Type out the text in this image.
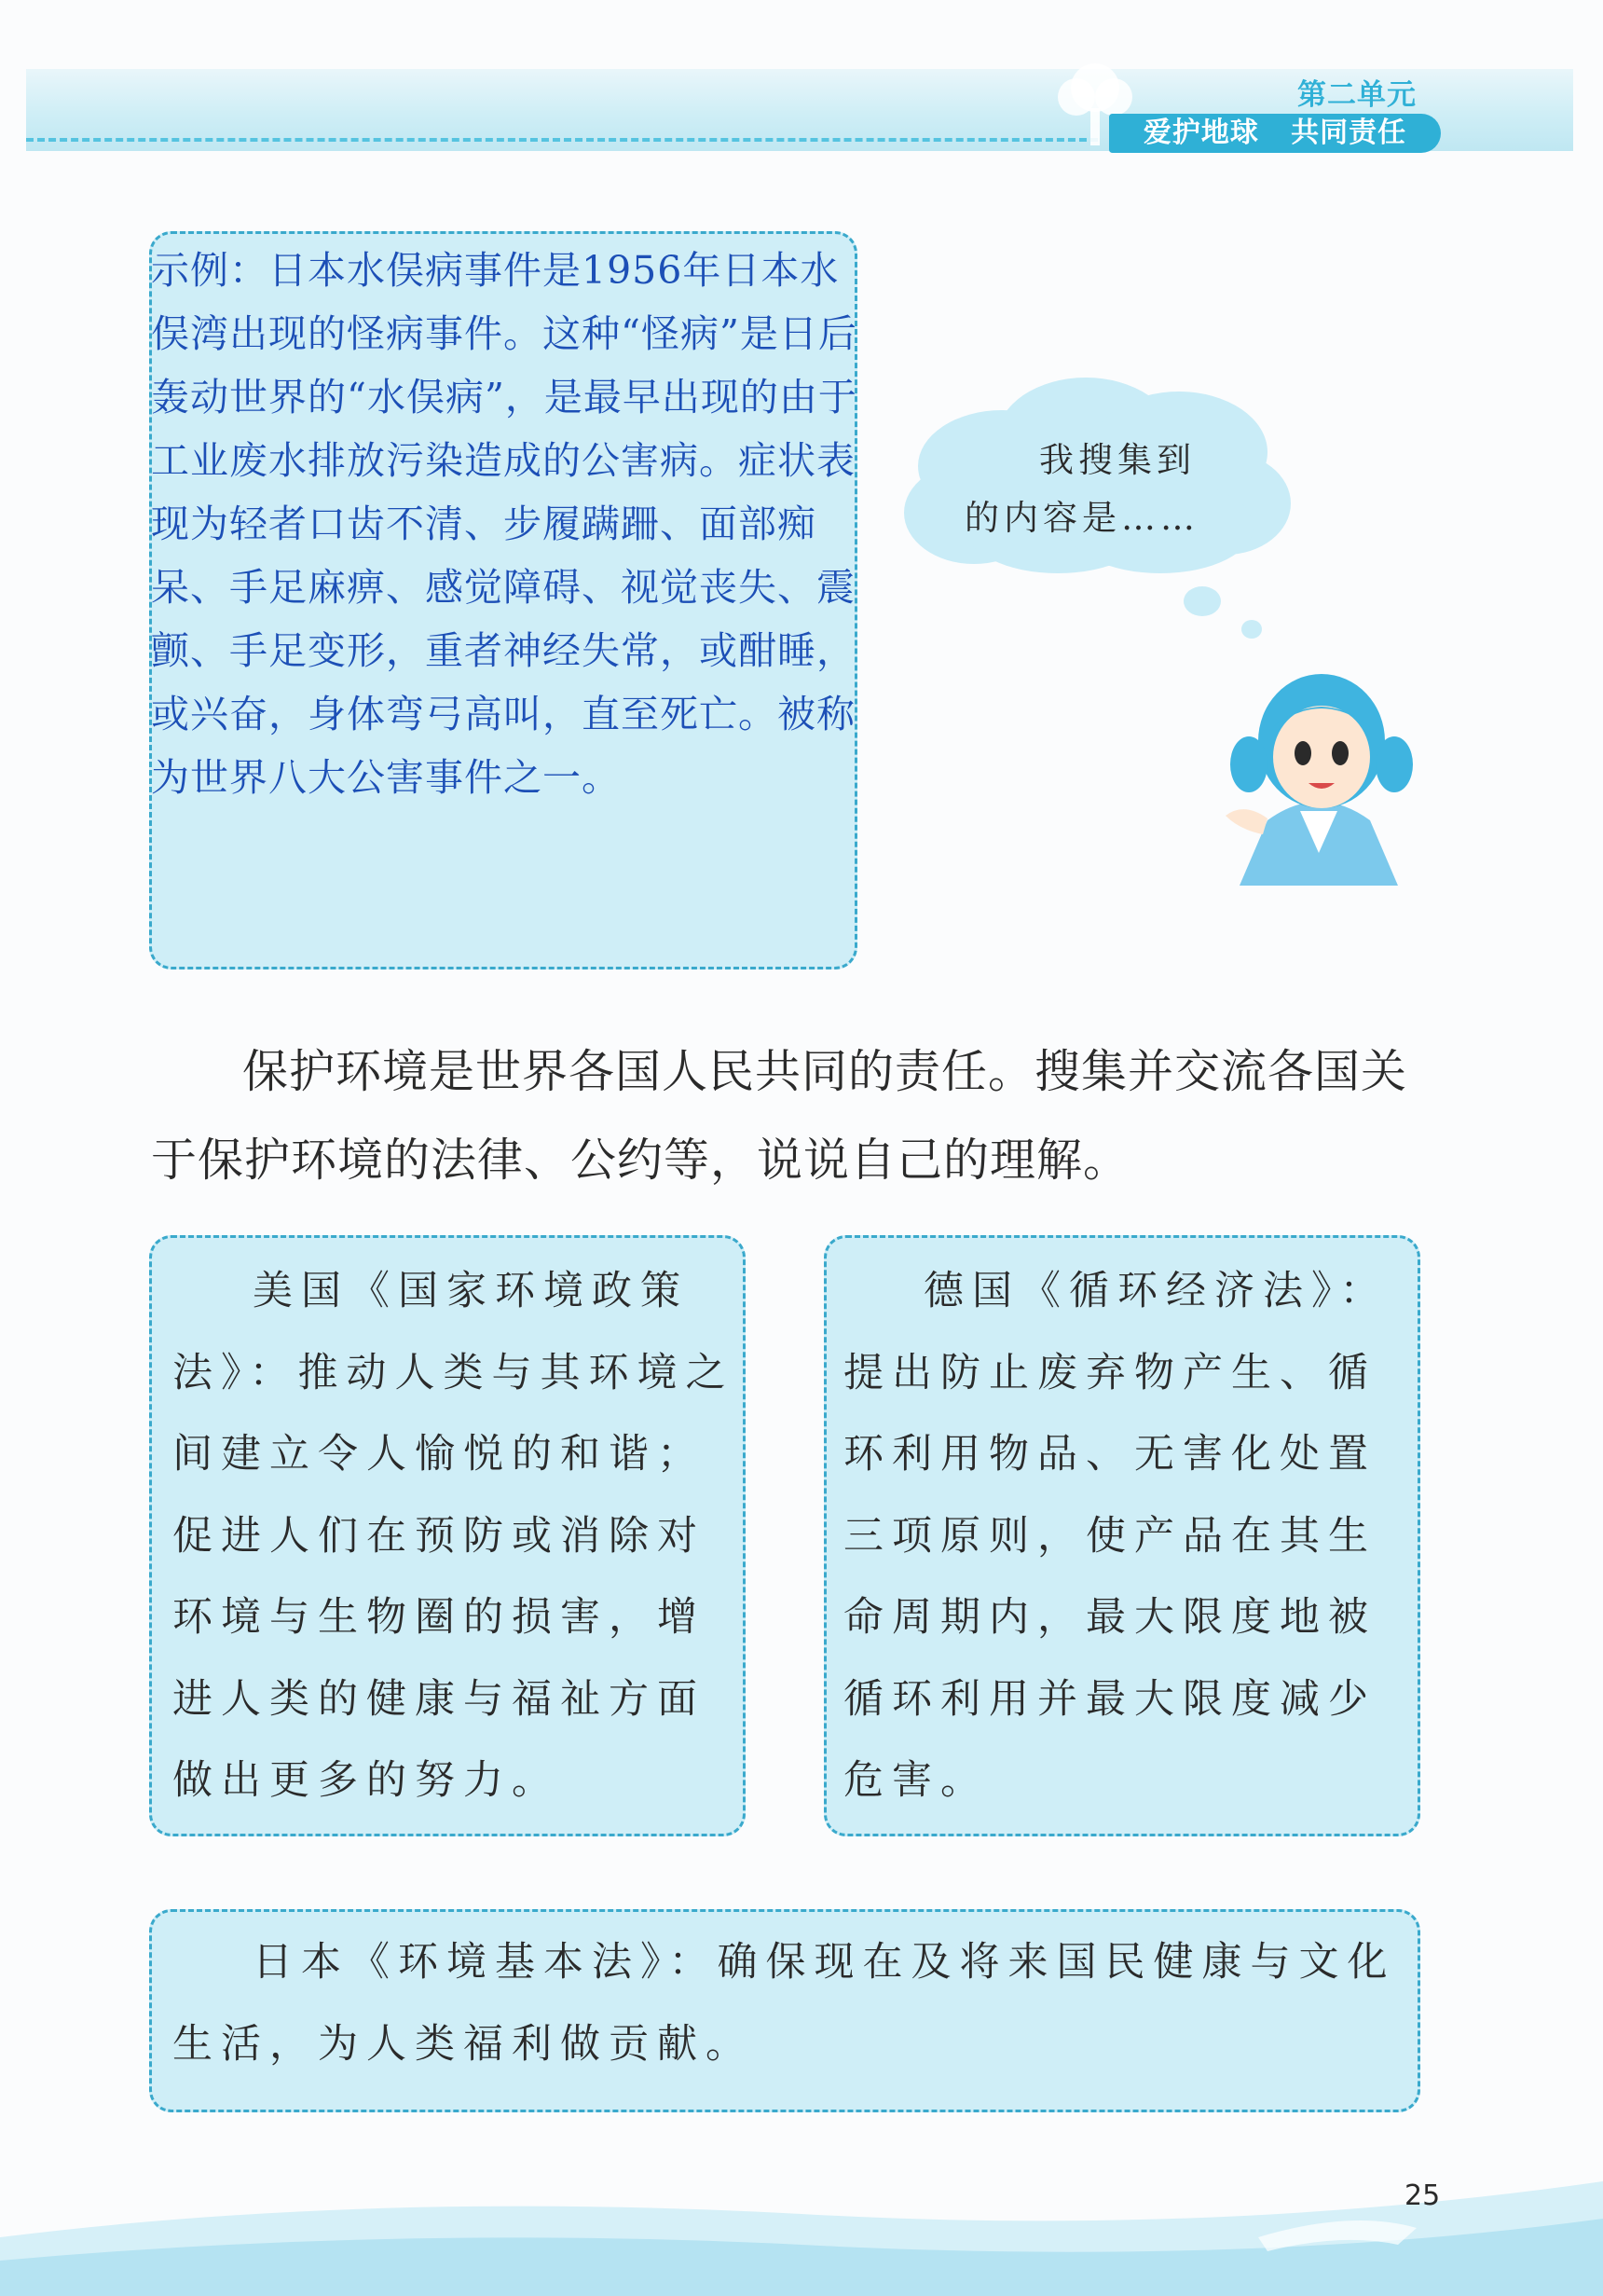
第二单元
爱护地球   共同责任
示例：日本水俣病事件是1956年日本水俣湾出现的怪病事件。这种“怪病”是日后轰动世界的“水俣病”，是最早出现的由于工业废水排放污染造成的公害病。症状表现为轻者口齿不清、步履蹒跚、面部痴呆、手足麻痹、感觉障碍、视觉丧失、震颤、手足变形，重者神经失常，或酣睡，或兴奋，身体弯弓高叫，直至死亡。被称为世界八大公害事件之一。
我搜集到
的内容是……
保护环境是世界各国人民共同的责任。搜集并交流各国关于保护环境的法律、公约等，说说自己的理解。
美国《国家环境政策法》：推动人类与其环境之间建立令人愉悦的和谐；促进人们在预防或消除对环境与生物圈的损害，增进人类的健康与福祉方面做出更多的努力。
德国《循环经济法》：提出防止废弃物产生、循环利用物品、无害化处置三项原则，使产品在其生命周期内，最大限度地被循环利用并最大限度减少危害。
日本《环境基本法》：确保现在及将来国民健康与文化生活，为人类福利做贡献。
25
